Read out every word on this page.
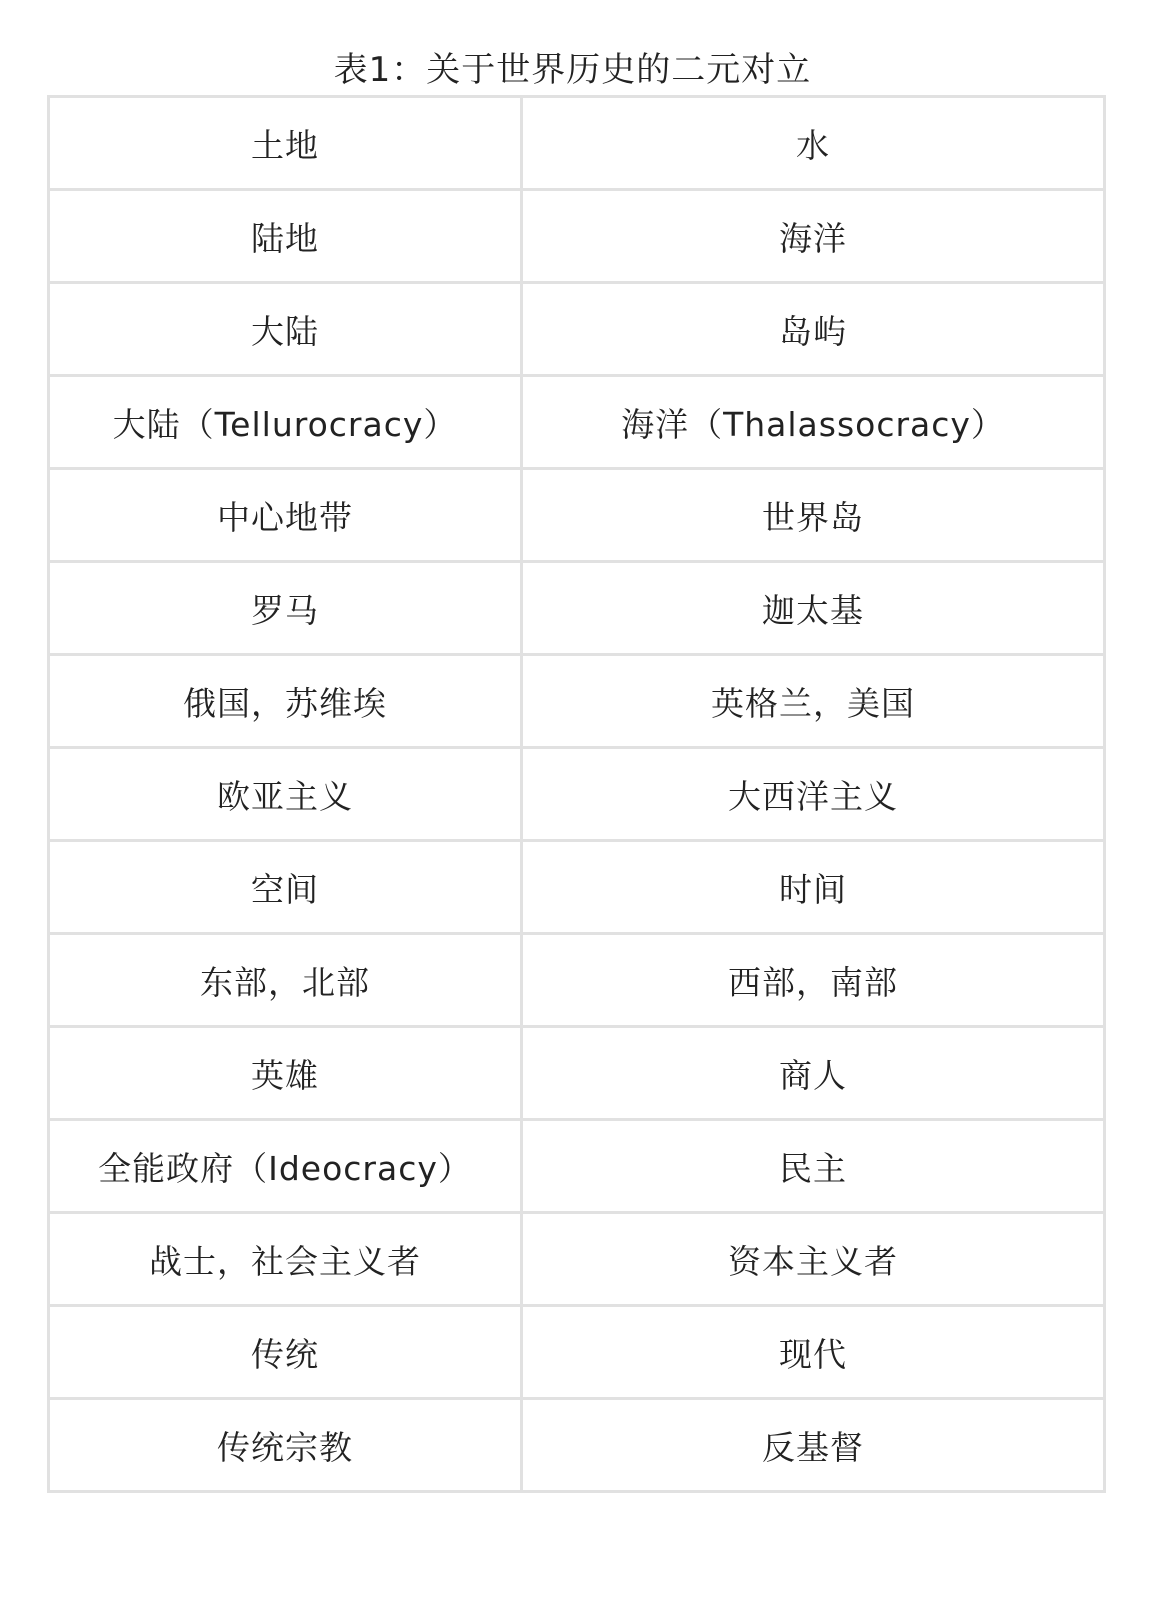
表1：关于世界历史的二元对立
土地	水
陆地	海洋
大陆	岛屿
大陆（Tellurocracy）	海洋（Thalassocracy）
中心地带	世界岛
罗马	迦太基
俄国，苏维埃	英格兰，美国
欧亚主义	大西洋主义
空间	时间
东部，北部	西部，南部
英雄	商人
全能政府（Ideocracy）	民主
战士，社会主义者	资本主义者
传统	现代
传统宗教	反基督
